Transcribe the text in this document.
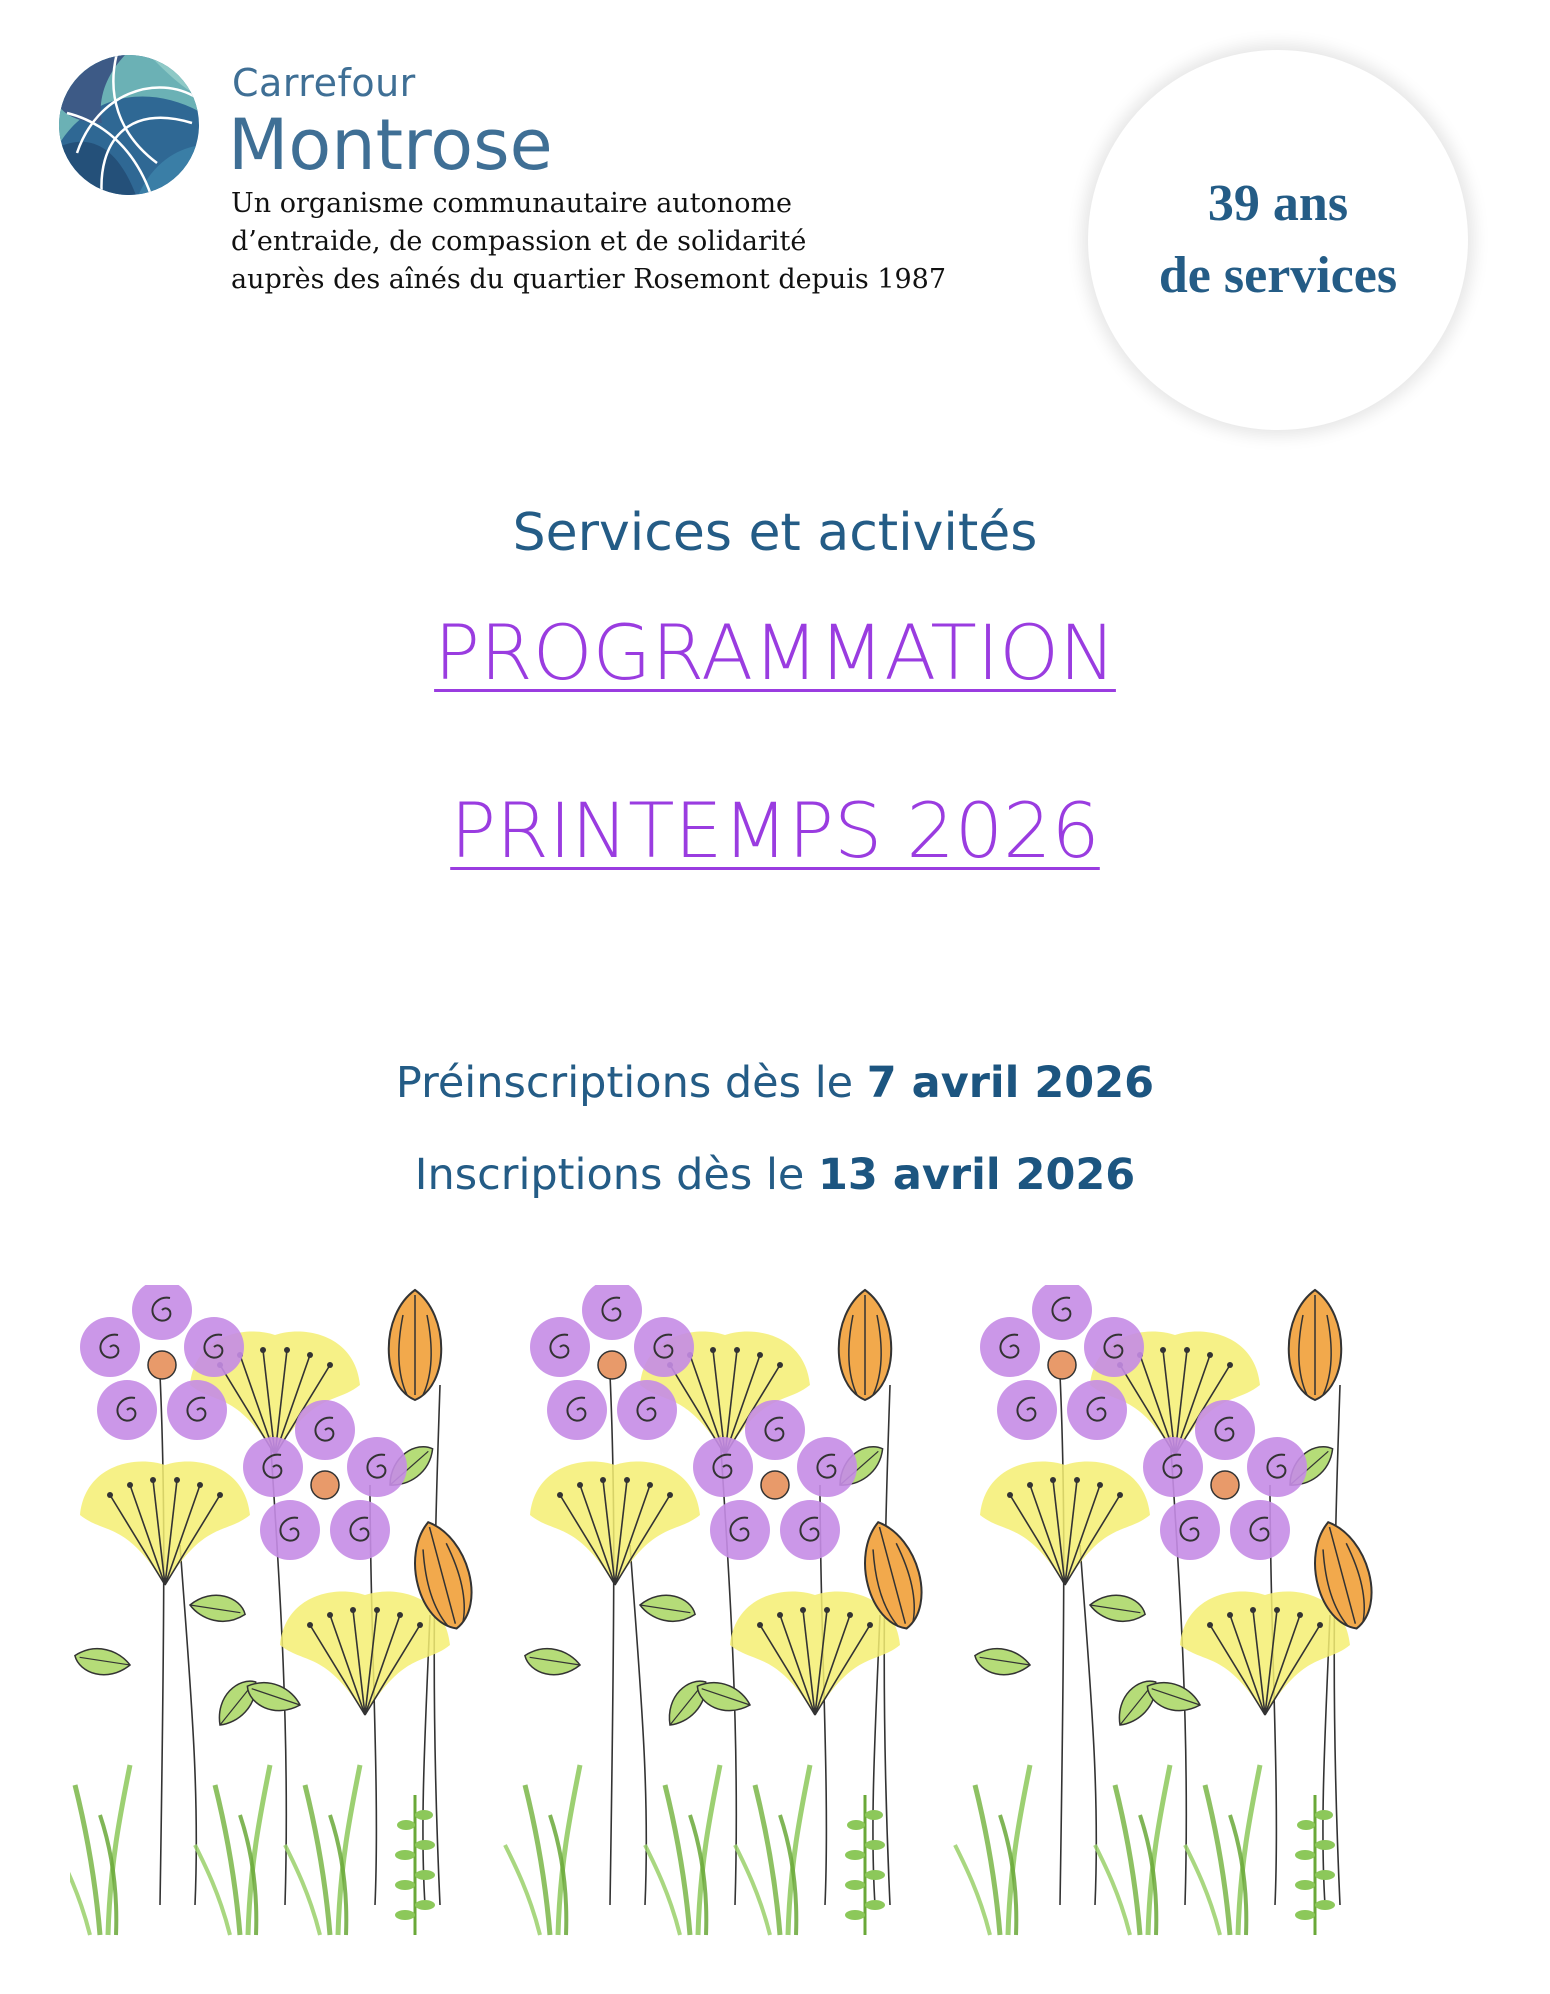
Carrefour
Montrose
Un organisme communautaire autonome
d’entraide, de compassion et de solidarité
auprès des aînés du quartier Rosemont depuis 1987
39 ans
de services
Services et activités
PROGRAMMATION
PRINTEMPS 2026
Préinscriptions dès le 7 avril 2026
Inscriptions dès le 13 avril 2026
